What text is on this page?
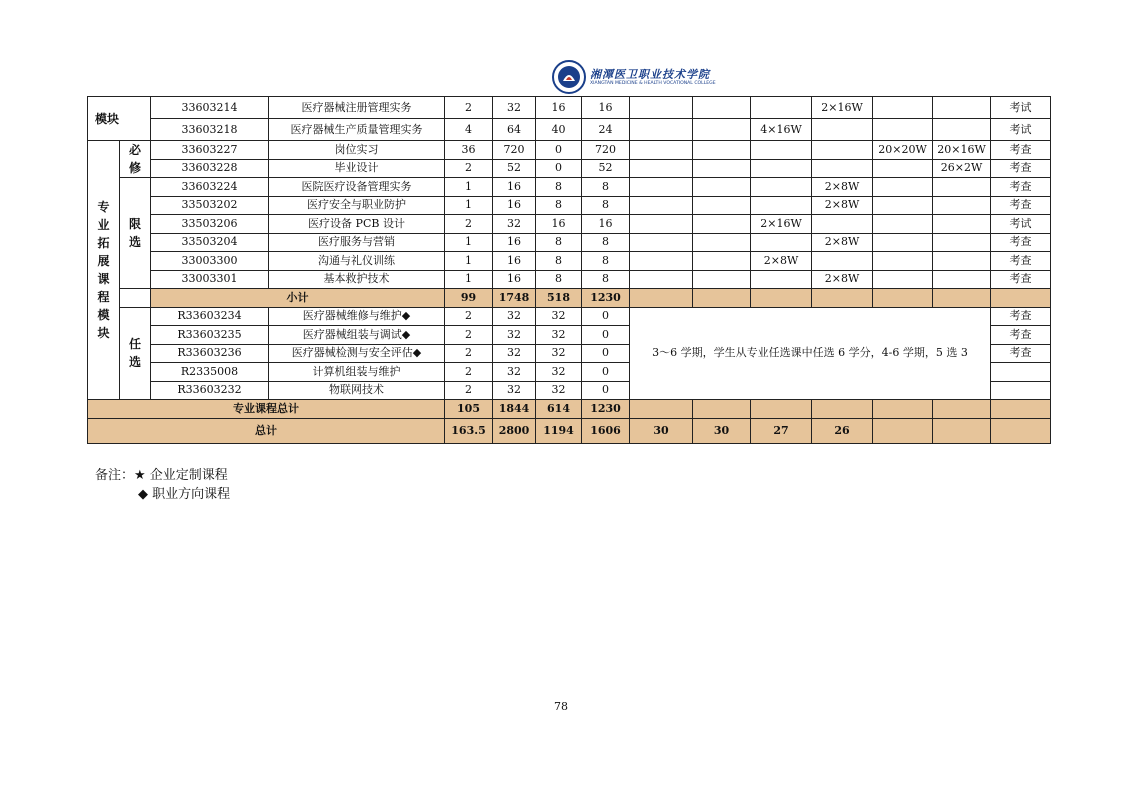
湘潭医卫职业技术学院
XIANGTAN MEDICINE & HEALTH VOCATIONAL COLLEGE
模块		33603214	医疗器械注册管理实务	2	32	16	16				2×16W			考试
		33603218	医疗器械生产质量管理实务	4	64	40	24			4×16W				考试
专业拓展课程模块	必修	33603227	岗位实习	36	720	0	720					20×20W	20×16W	考查
		33603228	毕业设计	2	52	0	52						26×2W	考查
	限选	33603224	医院医疗设备管理实务	1	16	8	8				2×8W			考查
		33503202	医疗安全与职业防护	1	16	8	8				2×8W			考查
		33503206	医疗设备 PCB 设计	2	32	16	16			2×16W				考试
		33503204	医疗服务与营销	1	16	8	8				2×8W			考查
		33003300	沟通与礼仪训练	1	16	8	8			2×8W				考查
		33003301	基本救护技术	1	16	8	8				2×8W			考查
		小计		99	1748	518	1230							
	任选	R33603234	医疗器械维修与维护◆	2	32	32	0	3～6 学期，学生从专业任选课中任选 6 学分，4-6 学期，5 选 3						考查
		R33603235	医疗器械组装与调试◆	2	32	32	0							考查
		R33603236	医疗器械检测与安全评估◆	2	32	32	0							考查
		R2335008	计算机组装与维护	2	32	32	0							
		R33603232	物联网技术	2	32	32	0							
专业课程总计				105	1844	614	1230							
总计				163.5	2800	1194	1606	30	30	27	26			
备注：★ 企业定制课程
◆ 职业方向课程
78
